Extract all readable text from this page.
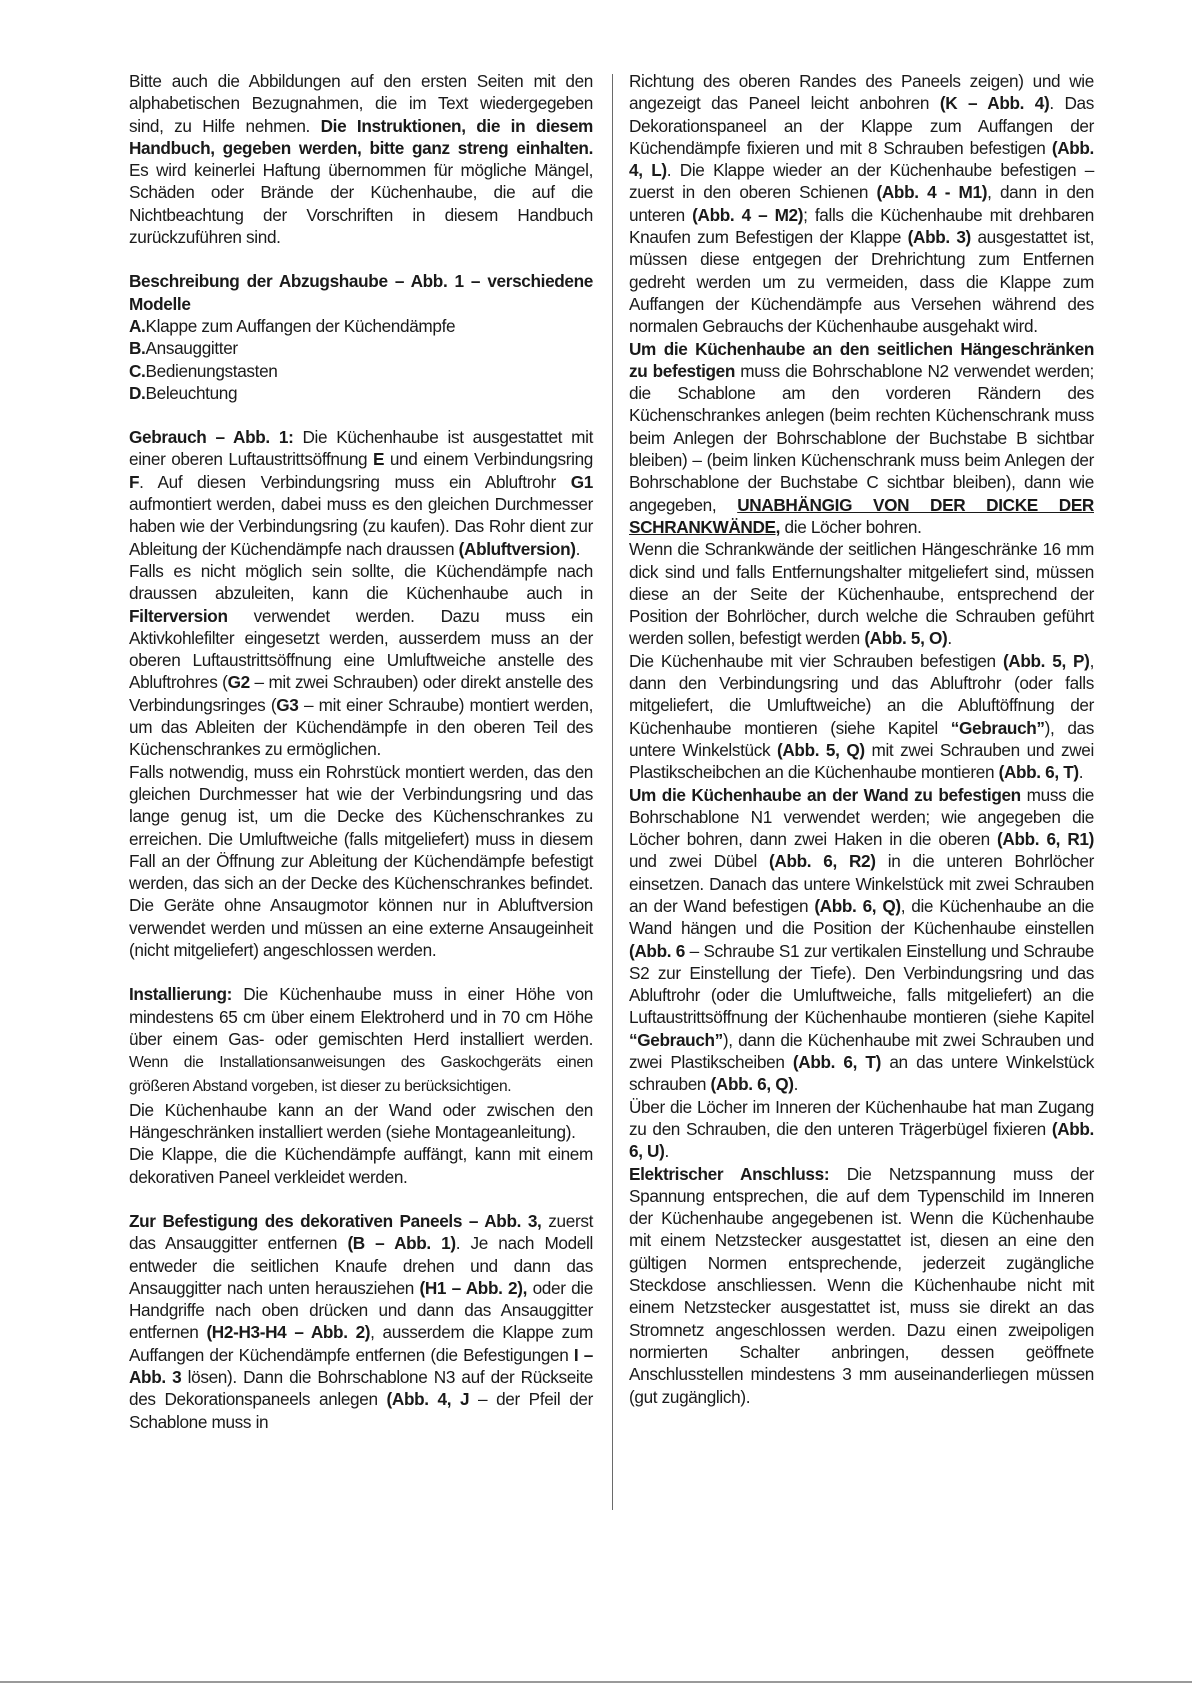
Bitte auch die Abbildungen auf den ersten Seiten mit den alphabetischen Bezugnahmen, die im Text wiedergegeben sind, zu Hilfe nehmen. Die Instruktionen, die in diesem Handbuch, gegeben werden, bitte ganz streng einhalten. Es wird keinerlei Haftung übernommen für mögliche Mängel, Schäden oder Brände der Küchenhaube, die auf die Nichtbeachtung der Vorschriften in diesem Handbuch zurückzuführen sind.

Beschreibung der Abzugshaube – Abb. 1 – verschiedene Modelle

A.Klappe zum Auffangen der Küchendämpfe

B.Ansauggitter

C.Bedienungstasten

D.Beleuchtung

Gebrauch – Abb. 1: Die Küchenhaube ist ausgestattet mit einer oberen Luftaustrittsöffnung E und einem Verbindungsring F. Auf diesen Verbindungsring muss ein Abluftrohr G1 aufmontiert werden, dabei muss es den gleichen Durchmesser haben wie der Verbindungsring (zu kaufen). Das Rohr dient zur Ableitung der Küchendämpfe nach draussen (Abluftversion).

Falls es nicht möglich sein sollte, die Küchendämpfe nach draussen abzuleiten, kann die Küchenhaube auch in Filterversion verwendet werden. Dazu muss ein Aktivkohlefilter eingesetzt werden, ausserdem muss an der oberen Luftaustrittsöffnung eine Umluftweiche anstelle des Abluftrohres (G2 – mit zwei Schrauben) oder direkt anstelle des Verbindungsringes (G3 – mit einer Schraube) montiert werden, um das Ableiten der Küchendämpfe in den oberen Teil des Küchenschrankes zu ermöglichen.

Falls notwendig, muss ein Rohrstück montiert werden, das den gleichen Durchmesser hat wie der Verbindungsring und das lange genug ist, um die Decke des Küchenschrankes zu erreichen. Die Umluftweiche (falls mitgeliefert) muss in diesem Fall an der Öffnung zur Ableitung der Küchendämpfe befestigt werden, das sich an der Decke des Küchenschrankes befindet. Die Geräte ohne Ansaugmotor können nur in Abluftversion verwendet werden und müssen an eine externe Ansaugeinheit (nicht mitgeliefert) angeschlossen werden.

Installierung: Die Küchenhaube muss in einer Höhe von mindestens 65 cm über einem Elektroherd und in 70 cm Höhe über einem Gas- oder gemischten Herd installiert werden. Wenn die Installationsanweisungen des Gaskochgeräts einen größeren Abstand vorgeben, ist dieser zu berücksichtigen.

Die Küchenhaube kann an der Wand oder zwischen den Hängeschränken installiert werden (siehe Montageanleitung).

Die Klappe, die die Küchendämpfe auffängt, kann mit einem dekorativen Paneel verkleidet werden.

Zur Befestigung des dekorativen Paneels – Abb. 3, zuerst das Ansauggitter entfernen (B – Abb. 1). Je nach Modell entweder die seitlichen Knaufe drehen und dann das Ansauggitter nach unten herausziehen (H1 – Abb. 2), oder die Handgriffe nach oben drücken und dann das Ansauggitter entfernen (H2-H3-H4 – Abb. 2), ausserdem die Klappe zum Auffangen der Küchendämpfe entfernen (die Befestigungen I – Abb. 3 lösen). Dann die Bohrschablone N3 auf der Rückseite des Dekorationspaneels anlegen (Abb. 4, J – der Pfeil der Schablone muss in

Richtung des oberen Randes des Paneels zeigen) und wie angezeigt das Paneel leicht anbohren (K – Abb. 4). Das Dekorationspaneel an der Klappe zum Auffangen der Küchendämpfe fixieren und mit 8 Schrauben befestigen (Abb. 4, L). Die Klappe wieder an der Küchenhaube befestigen – zuerst in den oberen Schienen (Abb. 4 - M1), dann in den unteren (Abb. 4 – M2); falls die Küchenhaube mit drehbaren Knaufen zum Befestigen der Klappe (Abb. 3) ausgestattet ist, müssen diese entgegen der Drehrichtung zum Entfernen gedreht werden um zu vermeiden, dass die Klappe zum Auffangen der Küchendämpfe aus Versehen während des normalen Gebrauchs der Küchenhaube ausgehakt wird.

Um die Küchenhaube an den seitlichen Hängeschränken zu befestigen muss die Bohrschablone N2 verwendet werden; die Schablone am den vorderen Rändern des Küchenschrankes anlegen (beim rechten Küchenschrank muss beim Anlegen der Bohrschablone der Buchstabe B sichtbar bleiben) – (beim linken Küchenschrank muss beim Anlegen der Bohrschablone der Buchstabe C sichtbar bleiben), dann wie angegeben, UNABHÄNGIG VON DER DICKE DER SCHRANKWÄNDE, die Löcher bohren.

Wenn die Schrankwände der seitlichen Hängeschränke 16 mm dick sind und falls Entfernungshalter mitgeliefert sind, müssen diese an der Seite der Küchenhaube, entsprechend der Position der Bohrlöcher, durch welche die Schrauben geführt werden sollen, befestigt werden (Abb. 5, O).

Die Küchenhaube mit vier Schrauben befestigen (Abb. 5, P), dann den Verbindungsring und das Abluftrohr (oder falls mitgeliefert, die Umluftweiche) an die Abluftöffnung der Küchenhaube montieren (siehe Kapitel “Gebrauch”), das untere Winkelstück (Abb. 5, Q) mit zwei Schrauben und zwei Plastikscheibchen an die Küchenhaube montieren (Abb. 6, T).

Um die Küchenhaube an der Wand zu befestigen muss die Bohrschablone N1 verwendet werden; wie angegeben die Löcher bohren, dann zwei Haken in die oberen (Abb. 6, R1) und zwei Dübel (Abb. 6, R2) in die unteren Bohrlöcher einsetzen. Danach das untere Winkelstück mit zwei Schrauben an der Wand befestigen (Abb. 6, Q), die Küchenhaube an die Wand hängen und die Position der Küchenhaube einstellen (Abb. 6 – Schraube S1 zur vertikalen Einstellung und Schraube S2 zur Einstellung der Tiefe). Den Verbindungsring und das Abluftrohr (oder die Umluftweiche, falls mitgeliefert) an die Luftaustrittsöffnung der Küchenhaube montieren (siehe Kapitel “Gebrauch”), dann die Küchenhaube mit zwei Schrauben und zwei Plastikscheiben (Abb. 6, T) an das untere Winkelstück schrauben (Abb. 6, Q).

Über die Löcher im Inneren der Küchenhaube hat man Zugang zu den Schrauben, die den unteren Trägerbügel fixieren (Abb. 6, U).

Elektrischer Anschluss: Die Netzspannung muss der Spannung entsprechen, die auf dem Typenschild im Inneren der Küchenhaube angegebenen ist. Wenn die Küchenhaube mit einem Netzstecker ausgestattet ist, diesen an eine den gültigen Normen entsprechende, jederzeit zugängliche Steckdose anschliessen. Wenn die Küchenhaube nicht mit einem Netzstecker ausgestattet ist, muss sie direkt an das Stromnetz angeschlossen werden. Dazu einen zweipoligen normierten Schalter anbringen, dessen geöffnete Anschlusstellen mindestens 3 mm auseinanderliegen müssen (gut zugänglich).
